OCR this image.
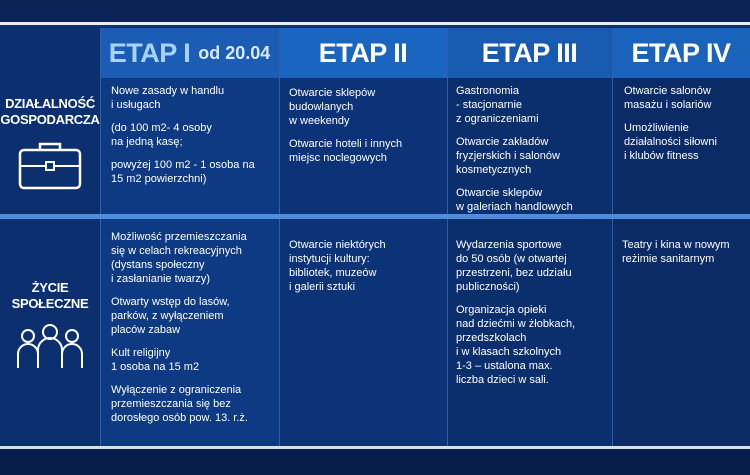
ETAP I od 20.04 ETAP II	ETAP III ETAP IV
DZIAŁALNOŚĆ
GOSPODARCZA
ŻYCIE
SPOŁECZNE

Nowe zasady w handlu
i usługach

(do 100 m2- 4 osoby
na jedną kasę;

powyżej 100 m2 - 1 osoba na
15 m2 powierzchni)

Otwarcie sklepów
budowlanych
w weekendy

Otwarcie hoteli i innych
miejsc noclegowych

Gastronomia
- stacjonarnie
z ograniczeniami

Otwarcie zakładów
fryzjerskich i salonów
kosmetycznych

Otwarcie sklepów
w galeriach handlowych

Otwarcie salonów
masażu i solariów

Umożliwienie
działalności siłowni
i klubów fitness

Możliwość przemieszczania
się w celach rekreacyjnych
(dystans społeczny
i zasłanianie twarzy)

Otwarty wstęp do lasów,
parków, z wyłączeniem
placów zabaw

Kult religijny
1 osoba na 15 m2

Wyłączenie z ograniczenia
przemieszczania się bez
dorosłego osób pow. 13. r.ż.

Otwarcie niektórych
instytucji kultury:
bibliotek, muzeów
i galerii sztuki

Wydarzenia sportowe
do 50 osób (w otwartej
przestrzeni, bez udziału
publiczności)

Organizacja opieki
nad dziećmi w żłobkach,
przedszkolach
i w klasach szkolnych
1-3 – ustalona max.
liczba dzieci w sali.

Teatry i kina w nowym
reżimie sanitarnym
